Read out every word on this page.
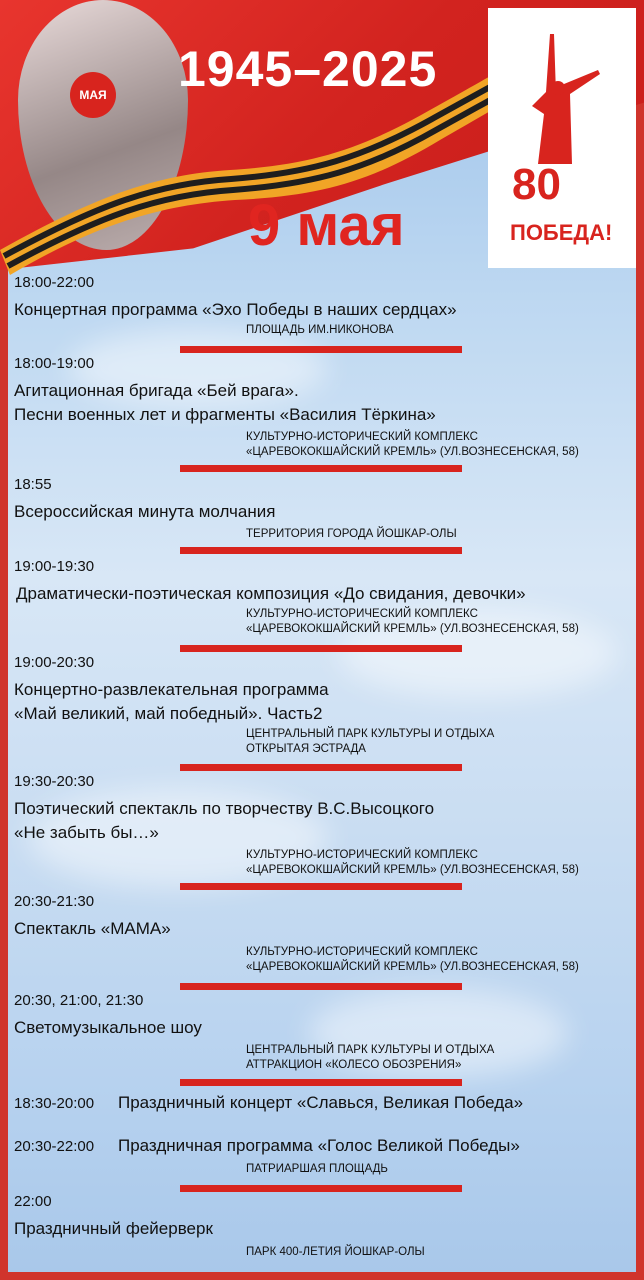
МАЯ 1945–2025
80
ПОБЕДА!
9 мая
18:00-22:00
Концертная программа «Эхо Победы в наших сердцах»
ПЛОЩАДЬ ИМ.НИКОНОВА
18:00-19:00
Агитационная бригада «Бей врага».
Песни военных лет и фрагменты «Василия Тёркина»
КУЛЬТУРНО-ИСТОРИЧЕСКИЙ КОМПЛЕКС
«ЦАРЕВОКОКШАЙСКИЙ КРЕМЛЬ» (УЛ.ВОЗНЕСЕНСКАЯ, 58)
18:55
Всероссийская минута молчания
ТЕРРИТОРИЯ ГОРОДА ЙОШКАР-ОЛЫ
19:00-19:30
Драматически-поэтическая композиция «До свидания, девочки»
КУЛЬТУРНО-ИСТОРИЧЕСКИЙ КОМПЛЕКС
«ЦАРЕВОКОКШАЙСКИЙ КРЕМЛЬ» (УЛ.ВОЗНЕСЕНСКАЯ, 58)
19:00-20:30
Концертно-развлекательная программа
«Май великий, май победный». Часть2
ЦЕНТРАЛЬНЫЙ ПАРК КУЛЬТУРЫ И ОТДЫХА
ОТКРЫТАЯ ЭСТРАДА
19:30-20:30
Поэтический спектакль по творчеству В.С.Высоцкого
«Не забыть бы…»
КУЛЬТУРНО-ИСТОРИЧЕСКИЙ КОМПЛЕКС
«ЦАРЕВОКОКШАЙСКИЙ КРЕМЛЬ» (УЛ.ВОЗНЕСЕНСКАЯ, 58)
20:30-21:30
Спектакль «МАМА»
КУЛЬТУРНО-ИСТОРИЧЕСКИЙ КОМПЛЕКС
«ЦАРЕВОКОКШАЙСКИЙ КРЕМЛЬ» (УЛ.ВОЗНЕСЕНСКАЯ, 58)
20:30, 21:00, 21:30
Светомузыкальное шоу
ЦЕНТРАЛЬНЫЙ ПАРК КУЛЬТУРЫ И ОТДЫХА
АТТРАКЦИОН «КОЛЕСО ОБОЗРЕНИЯ»
18:30-20:00	Праздничный концерт «Славься, Великая Победа»
20:30-22:00	Праздничная программа «Голос Великой Победы»
ПАТРИАРШАЯ ПЛОЩАДЬ
22:00
Праздничный фейерверк
ПАРК 400-ЛЕТИЯ ЙОШКАР-ОЛЫ
